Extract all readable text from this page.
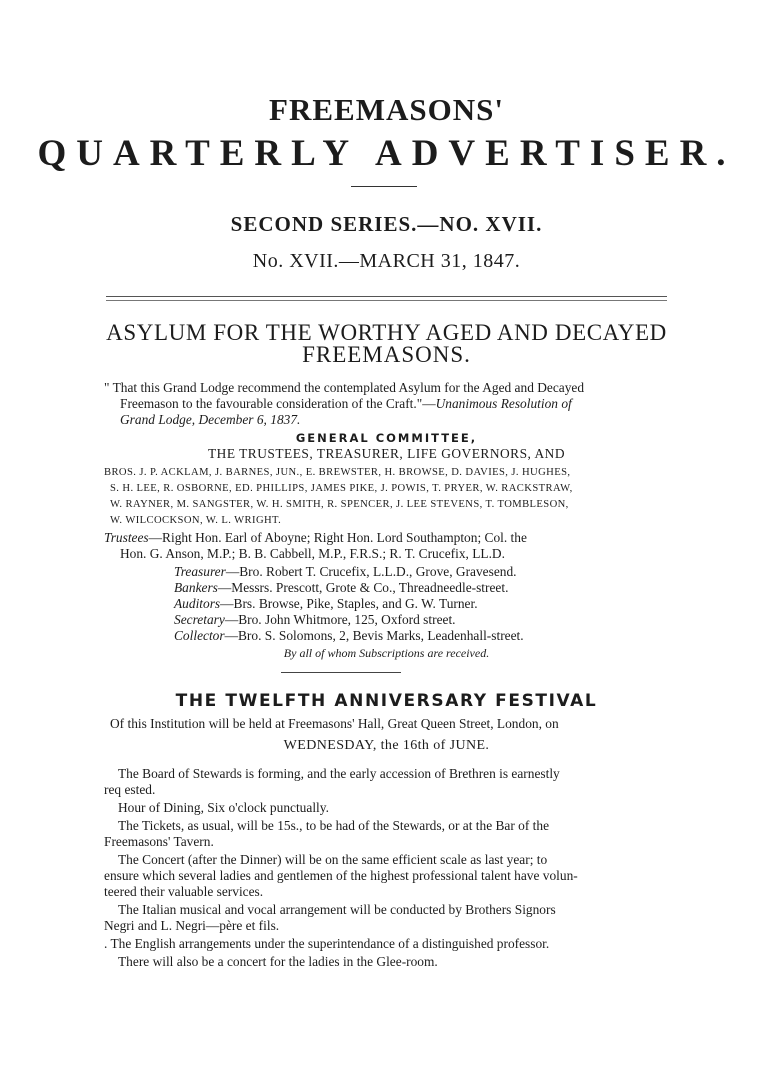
FREEMASONS'
QUARTERLY ADVERTISER.
SECOND SERIES.—NO. XVII.
No. XVII.—MARCH 31, 1847.
ASYLUM FOR THE WORTHY AGED AND DECAYED
FREEMASONS.
" That this Grand Lodge recommend the contemplated Asylum for the Aged and Decayed
Freemason to the favourable consideration of the Craft."—Unanimous Resolution of
Grand Lodge, December 6, 1837.
GENERAL COMMITTEE,
THE TRUSTEES, TREASURER, LIFE GOVERNORS, AND
BROS. J. P. ACKLAM, J. BARNES, JUN., E. BREWSTER, H. BROWSE, D. DAVIES, J. HUGHES,
S. H. LEE, R. OSBORNE, ED. PHILLIPS, JAMES PIKE, J. POWIS, T. PRYER, W. RACKSTRAW,
W. RAYNER, M. SANGSTER, W. H. SMITH, R. SPENCER, J. LEE STEVENS, T. TOMBLESON,
W. WILCOCKSON, W. L. WRIGHT.
Trustees—Right Hon. Earl of Aboyne; Right Hon. Lord Southampton; Col. the
Hon. G. Anson, M.P.; B. B. Cabbell, M.P., F.R.S.; R. T. Crucefix, LL.D.
Treasurer—Bro. Robert T. Crucefix, L.L.D., Grove, Gravesend.
Bankers—Messrs. Prescott, Grote & Co., Threadneedle-street.
Auditors—Brs. Browse, Pike, Staples, and G. W. Turner.
Secretary—Bro. John Whitmore, 125, Oxford street.
Collector—Bro. S. Solomons, 2, Bevis Marks, Leadenhall-street.
By all of whom Subscriptions are received.
THE TWELFTH ANNIVERSARY FESTIVAL
Of this Institution will be held at Freemasons' Hall, Great Queen Street, London, on
WEDNESDAY, the 16th of JUNE.
The Board of Stewards is forming, and the early accession of Brethren is earnestly
req ested.
Hour of Dining, Six o'clock punctually.
The Tickets, as usual, will be 15s., to be had of the Stewards, or at the Bar of the
Freemasons' Tavern.
The Concert (after the Dinner) will be on the same efficient scale as last year; to
ensure which several ladies and gentlemen of the highest professional talent have volun-
teered their valuable services.
The Italian musical and vocal arrangement will be conducted by Brothers Signors
Negri and L. Negri—père et fils.
. The English arrangements under the superintendance of a distinguished professor.
There will also be a concert for the ladies in the Glee-room.
